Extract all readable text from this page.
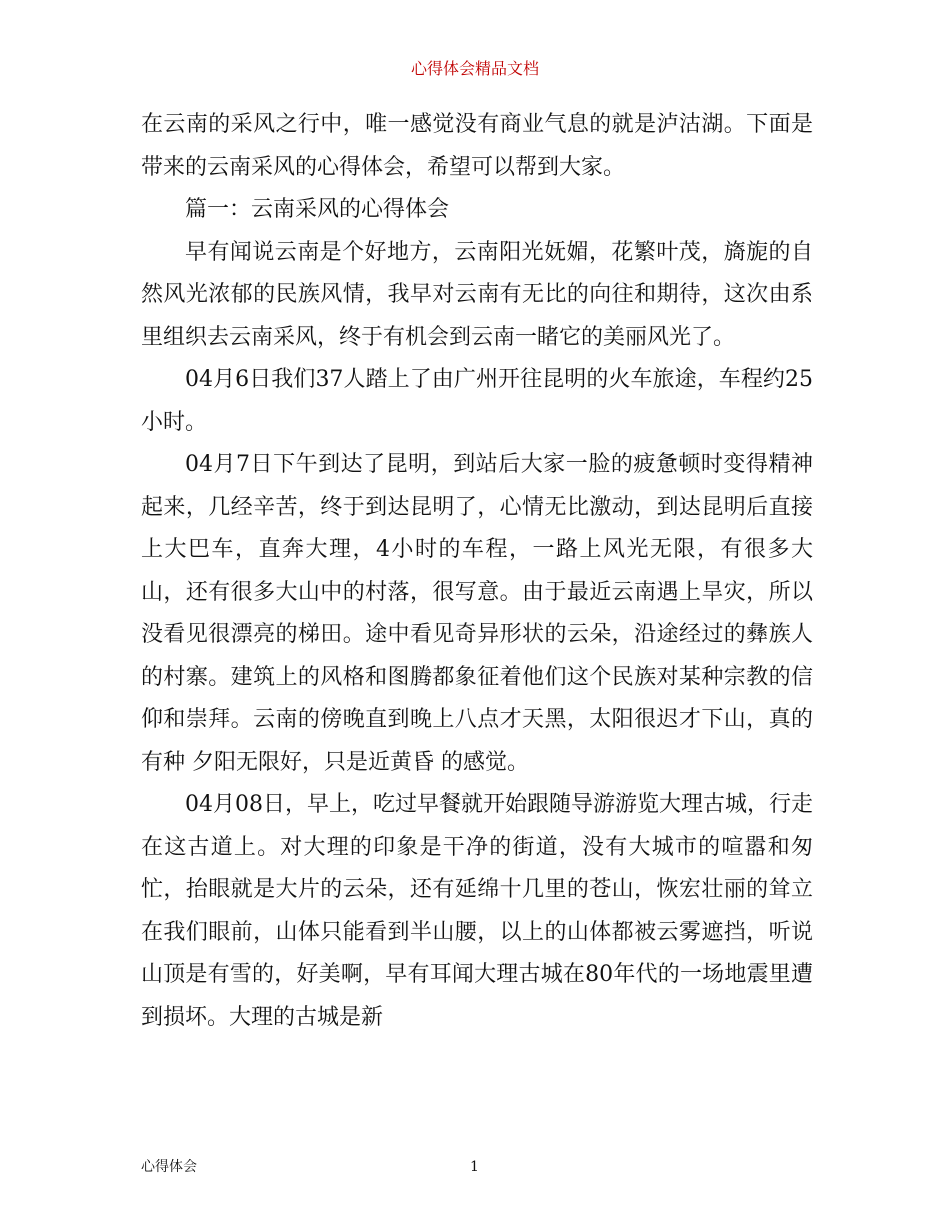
心得体会精品文档

在云南的采风之行中，唯一感觉没有商业气息的就是泸沽湖。下面是带来的云南采风的心得体会，希望可以帮到大家。

篇一：云南采风的心得体会

早有闻说云南是个好地方，云南阳光妩媚，花繁叶茂，旖旎的自然风光浓郁的民族风情，我早对云南有无比的向往和期待，这次由系里组织去云南采风，终于有机会到云南一睹它的美丽风光了。

04月6日我们37人踏上了由广州开往昆明的火车旅途，车程约25小时。

04月7日下午到达了昆明，到站后大家一脸的疲惫顿时变得精神起来，几经辛苦，终于到达昆明了，心情无比激动，到达昆明后直接上大巴车，直奔大理，4小时的车程，一路上风光无限，有很多大山，还有很多大山中的村落，很写意。由于最近云南遇上旱灾，所以没看见很漂亮的梯田。途中看见奇异形状的云朵，沿途经过的彝族人的村寨。建筑上的风格和图腾都象征着他们这个民族对某种宗教的信仰和崇拜。云南的傍晚直到晚上八点才天黑，太阳很迟才下山，真的有种 夕阳无限好，只是近黄昏 的感觉。

04月08日，早上，吃过早餐就开始跟随导游游览大理古城，行走在这古道上。对大理的印象是干净的街道，没有大城市的喧嚣和匆忙，抬眼就是大片的云朵，还有延绵十几里的苍山，恢宏壮丽的耸立在我们眼前，山体只能看到半山腰，以上的山体都被云雾遮挡，听说山顶是有雪的，好美啊，早有耳闻大理古城在80年代的一场地震里遭到损坏。大理的古城是新

心得体会	1
